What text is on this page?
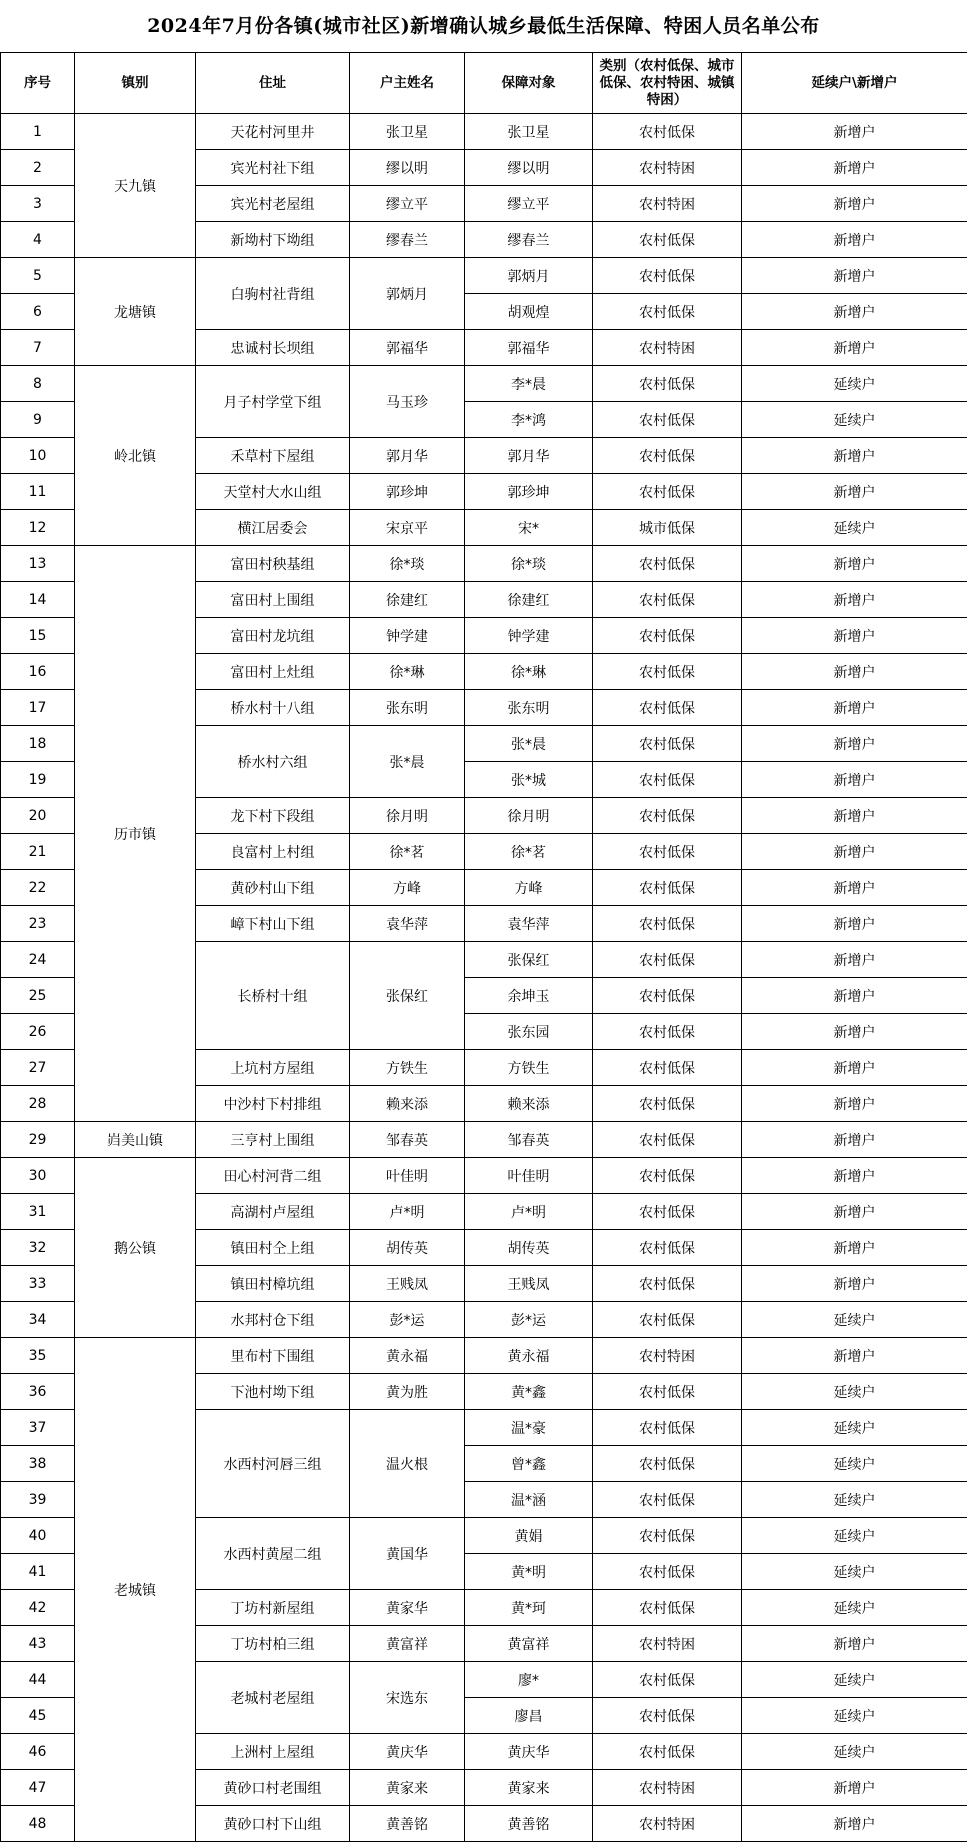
2024年7月份各镇(城市社区)新增确认城乡最低生活保障、特困人员名单公布
序号	镇别	住址	户主姓名	保障对象	类别（农村低保、城市低保、农村特困、城镇特困）	延续户\新增户
1	天九镇	天花村河里井	张卫星	张卫星	农村低保	新增户
2		宾光村社下组	缪以明	缪以明	农村特困	新增户
3		宾光村老屋组	缪立平	缪立平	农村特困	新增户
4		新坳村下坳组	缪春兰	缪春兰	农村低保	新增户
5	龙塘镇	白驹村社背组	郭炳月	郭炳月	农村低保	新增户
6				胡观煌	农村低保	新增户
7		忠诚村长坝组	郭福华	郭福华	农村特困	新增户
8	岭北镇	月子村学堂下组	马玉珍	李*晨	农村低保	延续户
9				李*鸿	农村低保	延续户
10		禾草村下屋组	郭月华	郭月华	农村低保	新增户
11		天堂村大水山组	郭珍坤	郭珍坤	农村低保	新增户
12		横江居委会	宋京平	宋*	城市低保	延续户
13	历市镇	富田村秧基组	徐*琰	徐*琰	农村低保	新增户
14		富田村上围组	徐建红	徐建红	农村低保	新增户
15		富田村龙坑组	钟学建	钟学建	农村低保	新增户
16		富田村上灶组	徐*琳	徐*琳	农村低保	新增户
17		桥水村十八组	张东明	张东明	农村低保	新增户
18		桥水村六组	张*晨	张*晨	农村低保	新增户
19				张*城	农村低保	新增户
20		龙下村下段组	徐月明	徐月明	农村低保	新增户
21		良富村上村组	徐*茗	徐*茗	农村低保	新增户
22		黄砂村山下组	方峰	方峰	农村低保	新增户
23		嶂下村山下组	袁华萍	袁华萍	农村低保	新增户
24		长桥村十组	张保红	张保红	农村低保	新增户
25				余坤玉	农村低保	新增户
26				张东园	农村低保	新增户
27		上坑村方屋组	方铁生	方铁生	农村低保	新增户
28		中沙村下村排组	赖来添	赖来添	农村低保	新增户
29	岿美山镇	三亨村上围组	邹春英	邹春英	农村低保	新增户
30	鹅公镇	田心村河背二组	叶佳明	叶佳明	农村低保	新增户
31		高湖村卢屋组	卢*明	卢*明	农村低保	新增户
32		镇田村仝上组	胡传英	胡传英	农村低保	新增户
33		镇田村樟坑组	王贱凤	王贱凤	农村低保	新增户
34		水邦村仓下组	彭*运	彭*运	农村低保	延续户
35	老城镇	里布村下围组	黄永福	黄永福	农村特困	新增户
36		下池村坳下组	黄为胜	黄*鑫	农村低保	延续户
37		水西村河唇三组	温火根	温*豪	农村低保	延续户
38				曾*鑫	农村低保	延续户
39				温*涵	农村低保	延续户
40		水西村黄屋二组	黄国华	黄娟	农村低保	延续户
41				黄*明	农村低保	延续户
42		丁坊村新屋组	黄家华	黄*珂	农村低保	延续户
43		丁坊村柏三组	黄富祥	黄富祥	农村特困	新增户
44		老城村老屋组	宋选东	廖*	农村低保	延续户
45				廖昌	农村低保	延续户
46		上洲村上屋组	黄庆华	黄庆华	农村低保	延续户
47		黄砂口村老围组	黄家来	黄家来	农村特困	新增户
48		黄砂口村下山组	黄善铭	黄善铭	农村特困	新增户
